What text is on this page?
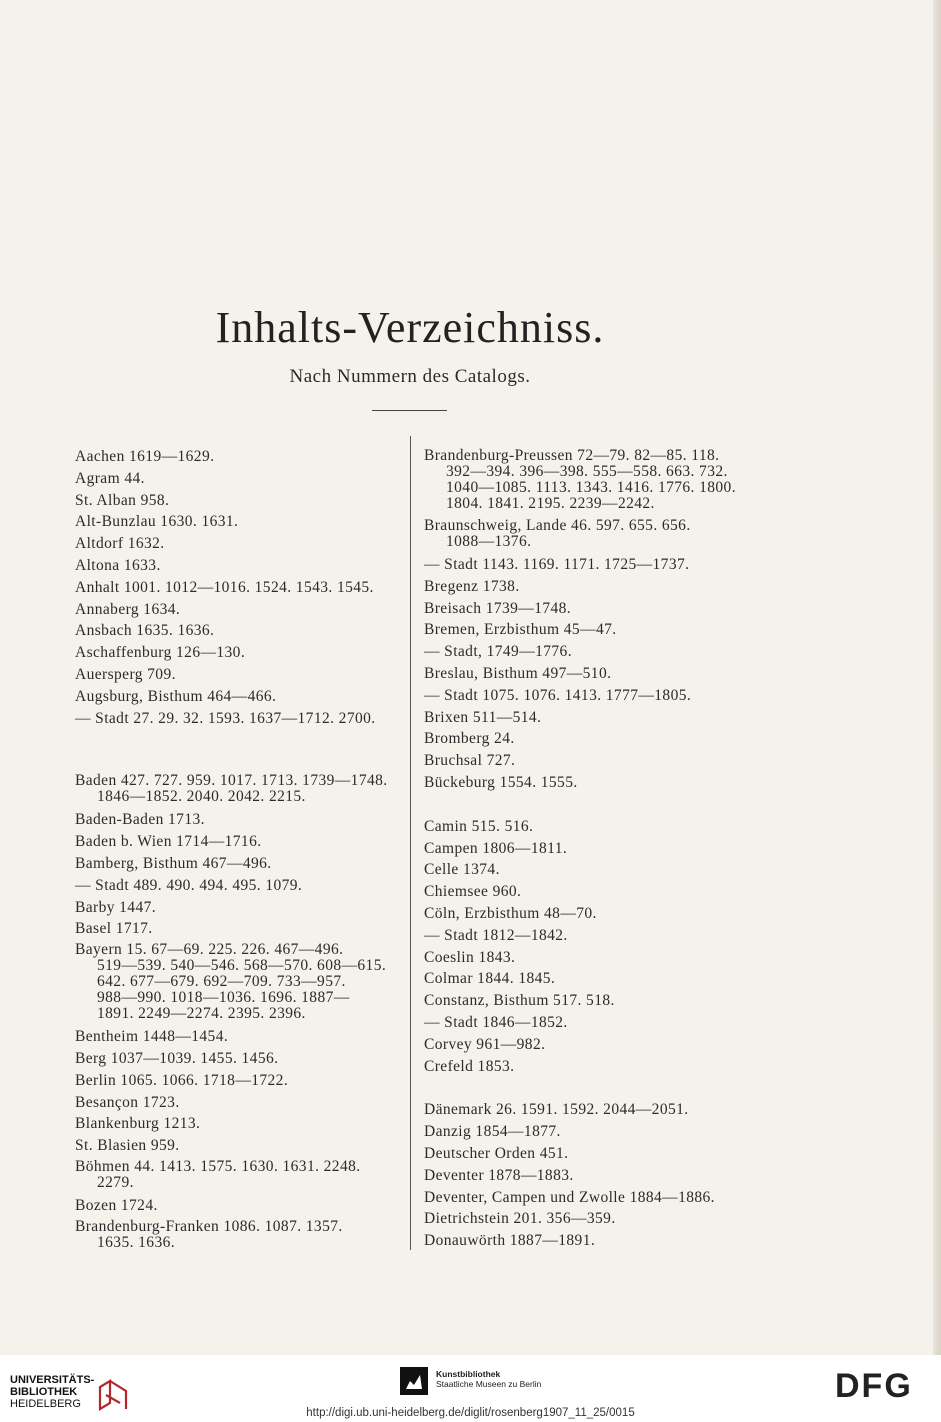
Inhalts-Verzeichniss.
Nach Nummern des Catalogs.
Aachen 1619—1629.
Agram 44.
St. Alban 958.
Alt-Bunzlau 1630. 1631.
Altdorf 1632.
Altona 1633.
Anhalt 1001. 1012—1016. 1524. 1543. 1545.
Annaberg 1634.
Ansbach 1635. 1636.
Aschaffenburg 126—130.
Auersperg 709.
Augsburg, Bisthum 464—466.
— Stadt 27. 29. 32. 1593. 1637—1712. 2700.
Baden 427. 727. 959. 1017. 1713. 1739—1748.
1846—1852. 2040. 2042. 2215.
Baden-Baden 1713.
Baden b. Wien 1714—1716.
Bamberg, Bisthum 467—496.
— Stadt 489. 490. 494. 495. 1079.
Barby 1447.
Basel 1717.
Bayern 15. 67—69. 225. 226. 467—496.
519—539. 540—546. 568—570. 608—615.
642. 677—679. 692—709. 733—957.
988—990. 1018—1036. 1696. 1887—
1891. 2249—2274. 2395. 2396.
Bentheim 1448—1454.
Berg 1037—1039. 1455. 1456.
Berlin 1065. 1066. 1718—1722.
Besançon 1723.
Blankenburg 1213.
St. Blasien 959.
Böhmen 44. 1413. 1575. 1630. 1631. 2248.
2279.
Bozen 1724.
Brandenburg-Franken 1086. 1087. 1357.
1635. 1636.
Brandenburg-Preussen 72—79. 82—85. 118.
392—394. 396—398. 555—558. 663. 732.
1040—1085. 1113. 1343. 1416. 1776. 1800.
1804. 1841. 2195. 2239—2242.
Braunschweig, Lande 46. 597. 655. 656.
1088—1376.
— Stadt 1143. 1169. 1171. 1725—1737.
Bregenz 1738.
Breisach 1739—1748.
Bremen, Erzbisthum 45—47.
— Stadt, 1749—1776.
Breslau, Bisthum 497—510.
— Stadt 1075. 1076. 1413. 1777—1805.
Brixen 511—514.
Bromberg 24.
Bruchsal 727.
Bückeburg 1554. 1555.
Camin 515. 516.
Campen 1806—1811.
Celle 1374.
Chiemsee 960.
Cöln, Erzbisthum 48—70.
— Stadt 1812—1842.
Coeslin 1843.
Colmar 1844. 1845.
Constanz, Bisthum 517. 518.
— Stadt 1846—1852.
Corvey 961—982.
Crefeld 1853.
Dänemark 26. 1591. 1592. 2044—2051.
Danzig 1854—1877.
Deutscher Orden 451.
Deventer 1878—1883.
Deventer, Campen und Zwolle 1884—1886.
Dietrichstein 201. 356—359.
Donauwörth 1887—1891.
UNIVERSITÄTS-
BIBLIOTHEK
HEIDELBERG
Kunstbibliothek
Staatliche Museen zu Berlin	DFG
http://digi.ub.uni-heidelberg.de/diglit/rosenberg1907_11_25/0015
